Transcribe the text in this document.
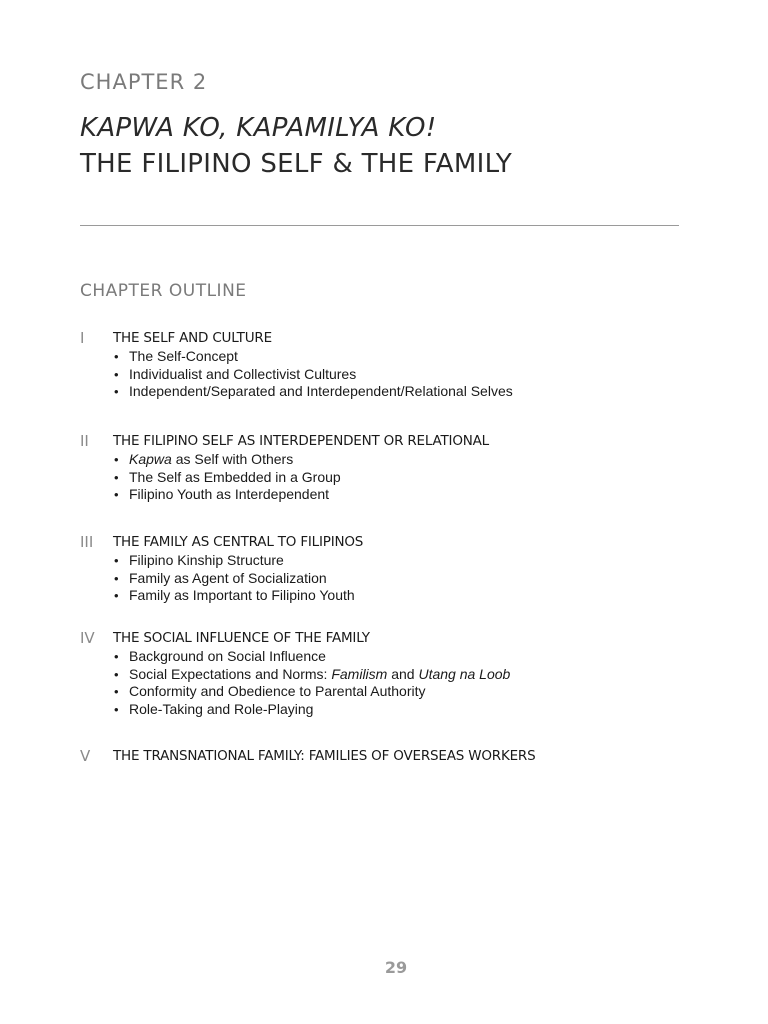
CHAPTER 2
KAPWA KO, KAPAMILYA KO!
THE FILIPINO SELF & THE FAMILY
CHAPTER OUTLINE
I	THE SELF AND CULTURE
• The Self-Concept
• Individualist and Collectivist Cultures
• Independent/Separated and Interdependent/Relational Selves
II	THE FILIPINO SELF AS INTERDEPENDENT OR RELATIONAL
• Kapwa as Self with Others
• The Self as Embedded in a Group
• Filipino Youth as Interdependent
III	THE FAMILY AS CENTRAL TO FILIPINOS
• Filipino Kinship Structure
• Family as Agent of Socialization
• Family as Important to Filipino Youth
IV	THE SOCIAL INFLUENCE OF THE FAMILY
• Background on Social Influence
• Social Expectations and Norms: Familism and Utang na Loob
• Conformity and Obedience to Parental Authority
• Role-Taking and Role-Playing
V	THE TRANSNATIONAL FAMILY: FAMILIES OF OVERSEAS WORKERS
29
